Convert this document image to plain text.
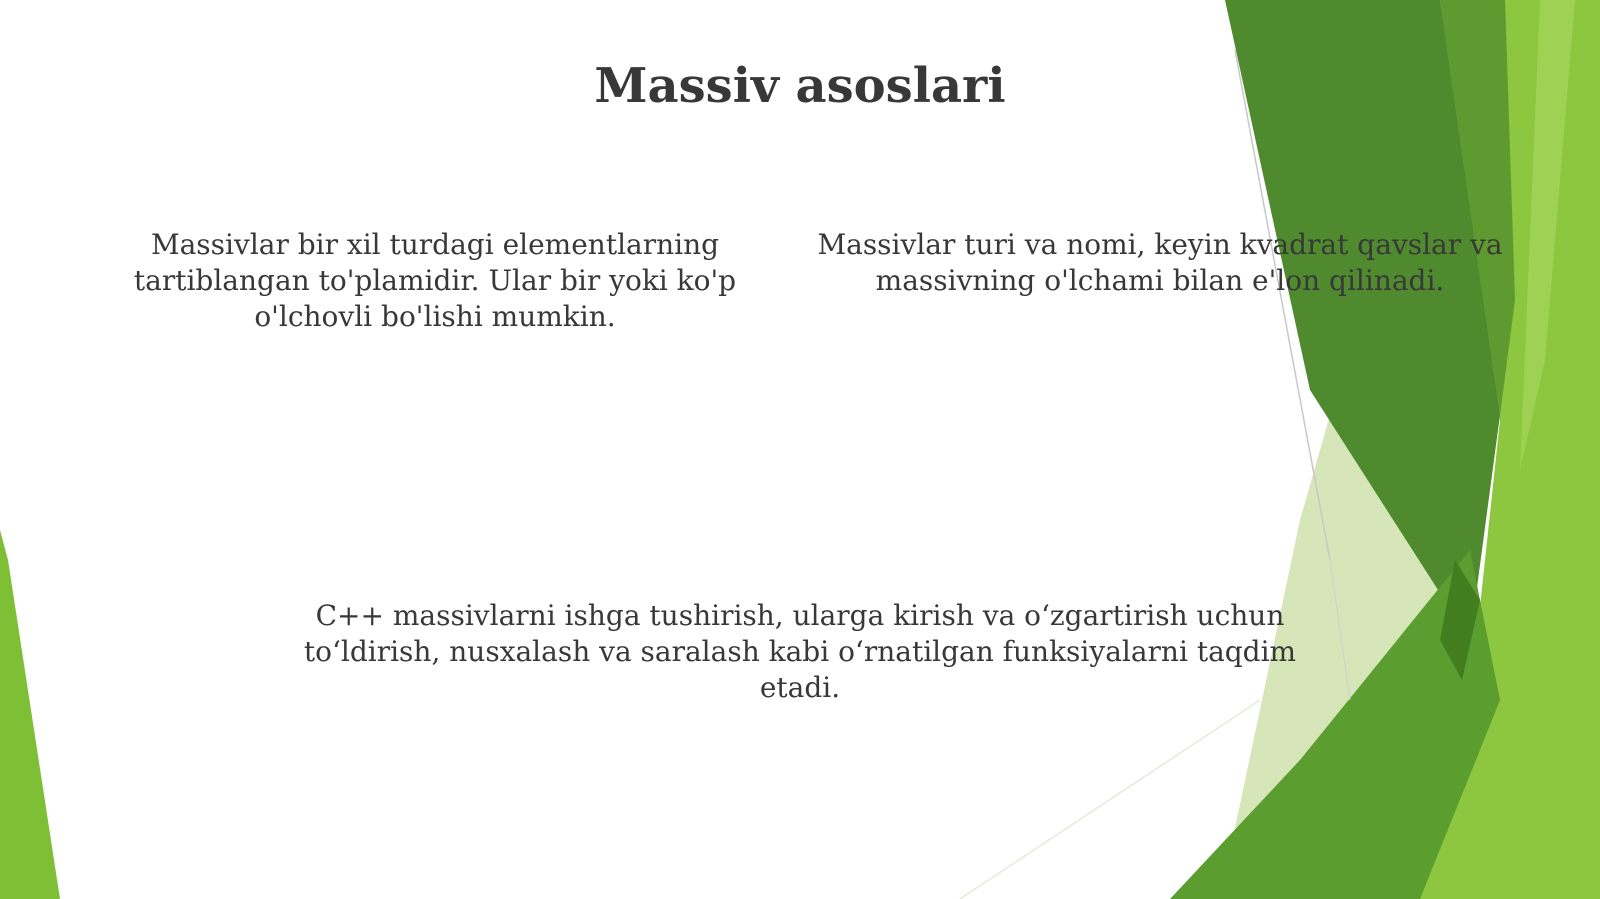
Massiv asoslari

Massivlar bir xil turdagi elementlarning tartiblangan to'plamidir. Ular bir yoki ko'p o'lchovli bo'lishi mumkin.

Massivlar turi va nomi, keyin kvadrat qavslar va massivning o'lchami bilan e'lon qilinadi.

C++ massivlarni ishga tushirish, ularga kirish va oʻzgartirish uchun toʻldirish, nusxalash va saralash kabi oʻrnatilgan funksiyalarni taqdim etadi.
